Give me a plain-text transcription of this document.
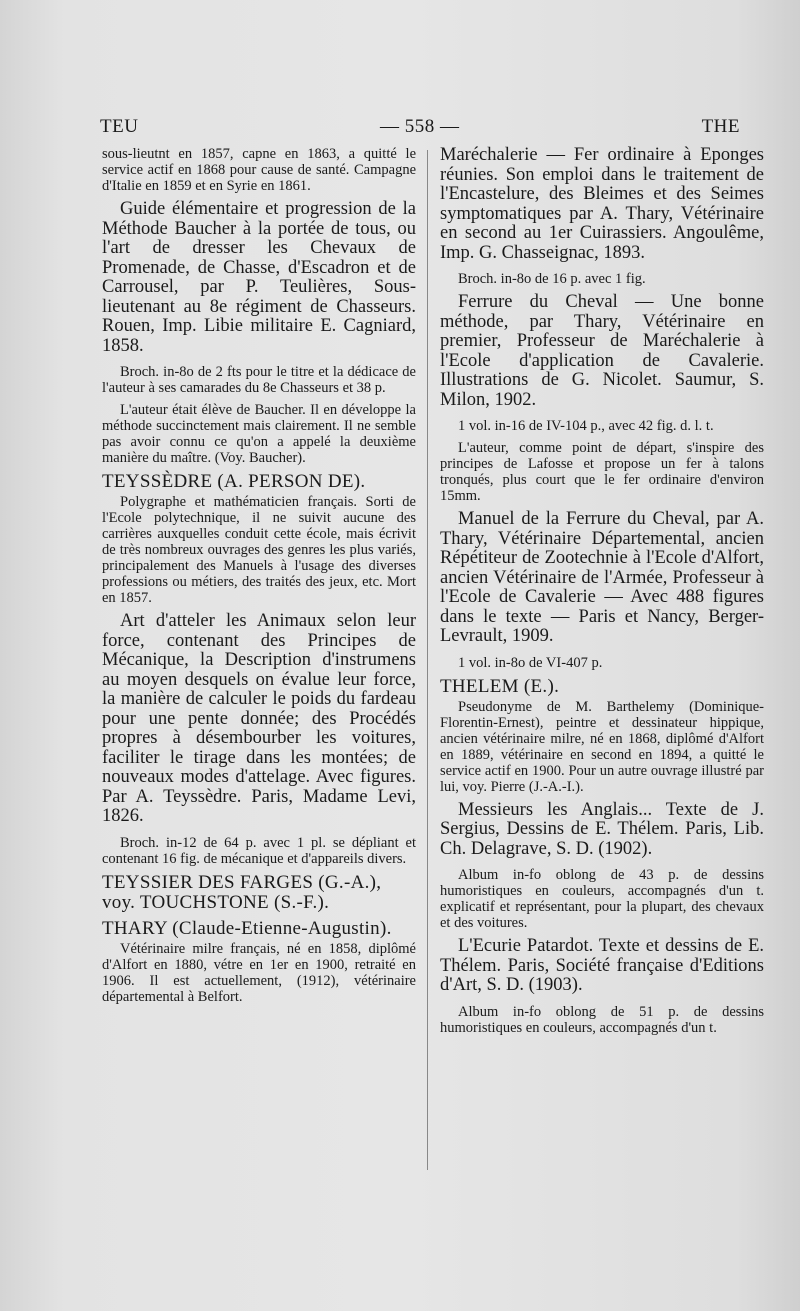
TEU	— 558 —	THE

sous-lieutnt en 1857, capne en 1863, a quitté le service actif en 1868 pour cause de santé. Campagne d'Italie en 1859 et en Syrie en 1861.

Guide élémentaire et progression de la Méthode Baucher à la portée de tous, ou l'art de dresser les Chevaux de Promenade, de Chasse, d'Escadron et de Carrousel, par P. Teulières, Sous-lieutenant au 8e régiment de Chasseurs. Rouen, Imp. Libie militaire E. Cagniard, 1858.

Broch. in-8o de 2 fts pour le titre et la dédicace de l'auteur à ses camarades du 8e Chasseurs et 38 p.

L'auteur était élève de Baucher. Il en développe la méthode succinctement mais clairement. Il ne semble pas avoir connu ce qu'on a appelé la deuxième manière du maître. (Voy. Baucher).

TEYSSÈDRE (A. PERSON DE).

Polygraphe et mathématicien français. Sorti de l'Ecole polytechnique, il ne suivit aucune des carrières auxquelles conduit cette école, mais écrivit de très nombreux ouvrages des genres les plus variés, principalement des Manuels à l'usage des diverses professions ou métiers, des traités des jeux, etc. Mort en 1857.

Art d'atteler les Animaux selon leur force, contenant des Principes de Mécanique, la Description d'instrumens au moyen desquels on évalue leur force, la manière de calculer le poids du fardeau pour une pente donnée; des Procédés propres à désembourber les voitures, faciliter le tirage dans les montées; de nouveaux modes d'attelage. Avec figures. Par A. Teyssèdre. Paris, Madame Levi, 1826.

Broch. in-12 de 64 p. avec 1 pl. se dépliant et contenant 16 fig. de mécanique et d'appareils divers.

TEYSSIER DES FARGES (G.-A.), voy. TOUCHSTONE (S.-F.).
THARY (Claude-Etienne-Augustin).

Vétérinaire milre français, né en 1858, diplômé d'Alfort en 1880, vétre en 1er en 1900, retraité en 1906. Il est actuellement, (1912), vétérinaire départemental à Belfort.

Maréchalerie — Fer ordinaire à Eponges réunies. Son emploi dans le traitement de l'Encastelure, des Bleimes et des Seimes symptomatiques par A. Thary, Vétérinaire en second au 1er Cuirassiers. Angoulême, Imp. G. Chasseignac, 1893.

Broch. in-8o de 16 p. avec 1 fig.

Ferrure du Cheval — Une bonne méthode, par Thary, Vétérinaire en premier, Professeur de Maréchalerie à l'Ecole d'application de Cavalerie. Illustrations de G. Nicolet. Saumur, S. Milon, 1902.

1 vol. in-16 de IV-104 p., avec 42 fig. d. l. t.

L'auteur, comme point de départ, s'inspire des principes de Lafosse et propose un fer à talons tronqués, plus court que le fer ordinaire d'environ 15mm.

Manuel de la Ferrure du Cheval, par A. Thary, Vétérinaire Départemental, ancien Répétiteur de Zootechnie à l'Ecole d'Alfort, ancien Vétérinaire de l'Armée, Professeur à l'Ecole de Cavalerie — Avec 488 figures dans le texte — Paris et Nancy, Berger-Levrault, 1909.

1 vol. in-8o de VI-407 p.

THELEM (E.).

Pseudonyme de M. Barthelemy (Dominique-Florentin-Ernest), peintre et dessinateur hippique, ancien vétérinaire milre, né en 1868, diplômé d'Alfort en 1889, vétérinaire en second en 1894, a quitté le service actif en 1900. Pour un autre ouvrage illustré par lui, voy. Pierre (J.-A.-I.).

Messieurs les Anglais... Texte de J. Sergius, Dessins de E. Thélem. Paris, Lib. Ch. Delagrave, S. D. (1902).

Album in-fo oblong de 43 p. de dessins humoristiques en couleurs, accompagnés d'un t. explicatif et représentant, pour la plupart, des chevaux et des voitures.

L'Ecurie Patardot. Texte et dessins de E. Thélem. Paris, Société française d'Editions d'Art, S. D. (1903).

Album in-fo oblong de 51 p. de dessins humoristiques en couleurs, accompagnés d'un t.
